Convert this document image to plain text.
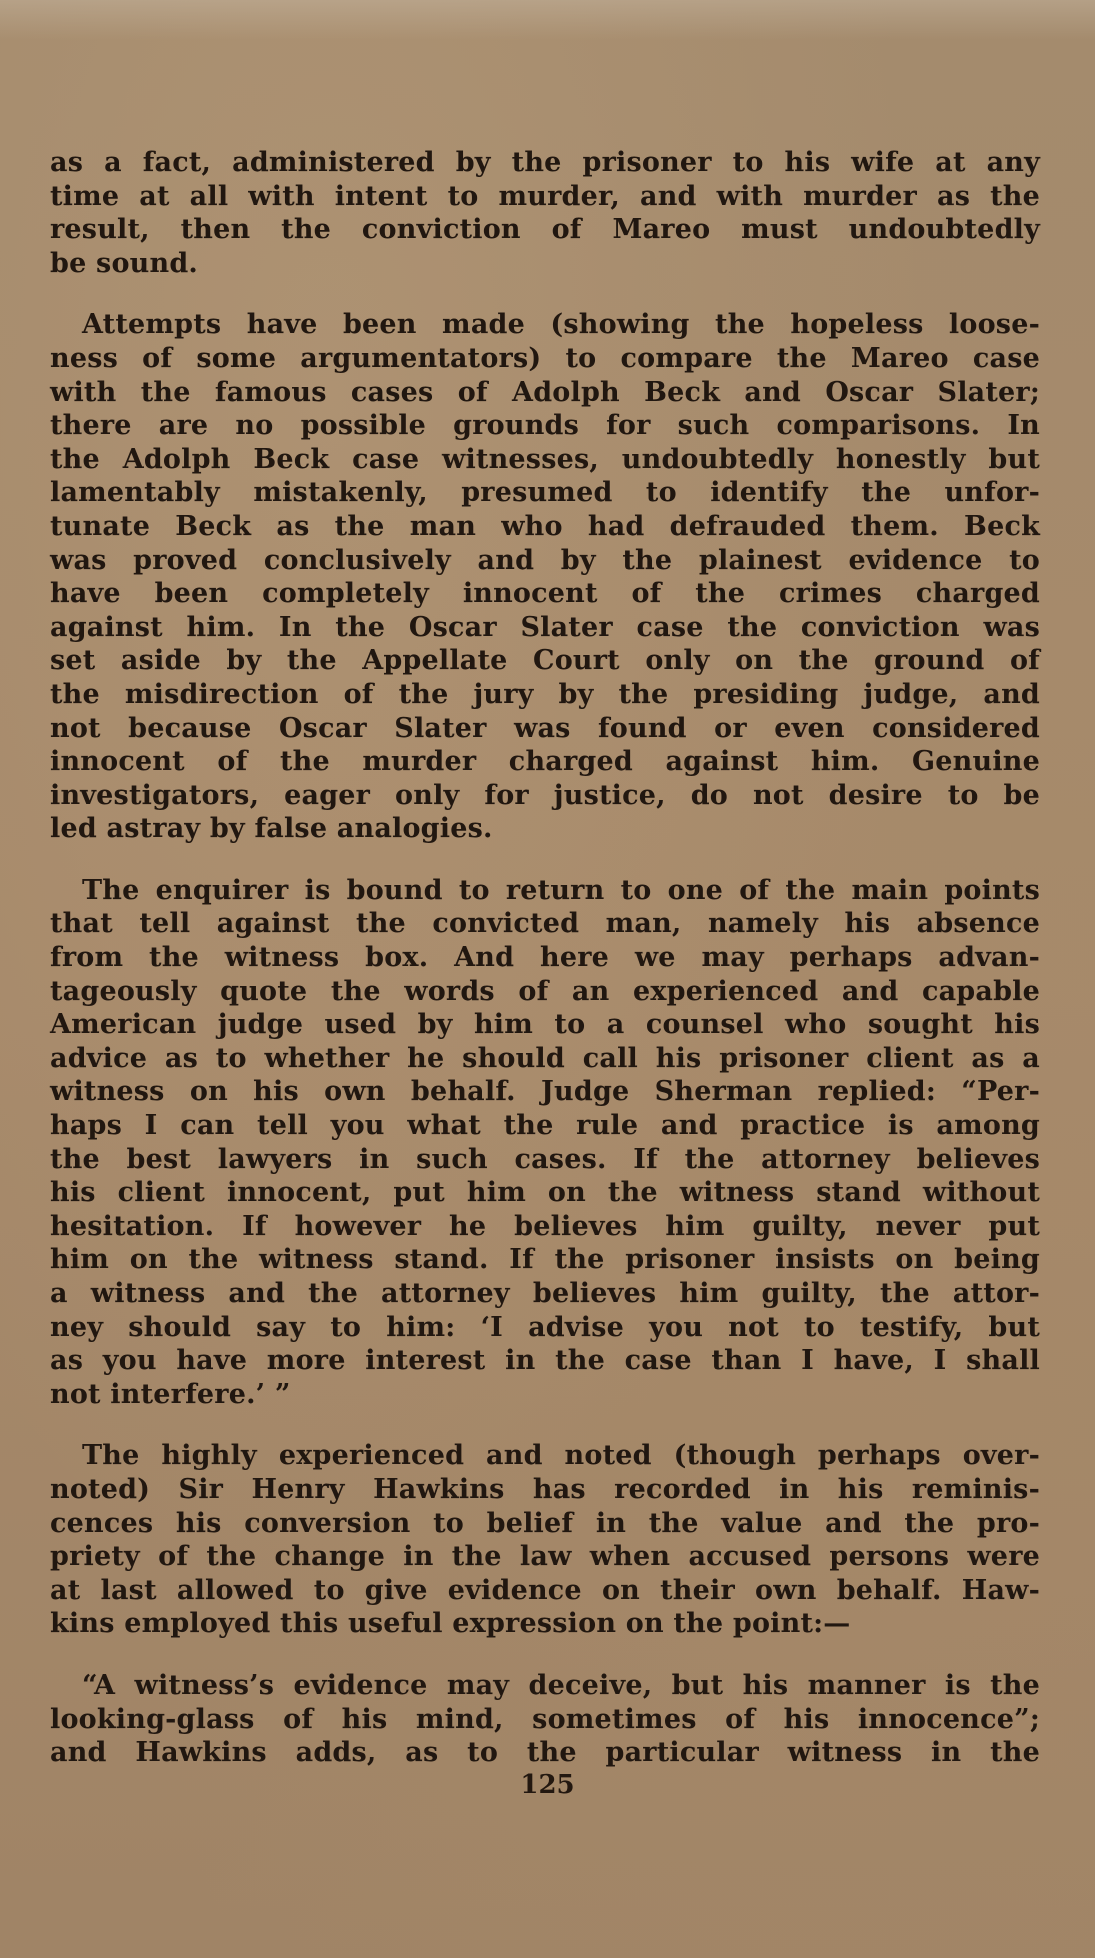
as a fact, administered by the prisoner to his wife at any
time at all with intent to murder, and with murder as the
result, then the conviction of Mareo must undoubtedly
be sound.

Attempts have been made (showing the hopeless loose-
ness of some argumentators) to compare the Mareo case
with the famous cases of Adolph Beck and Oscar Slater;
there are no possible grounds for such comparisons. In
the Adolph Beck case witnesses, undoubtedly honestly but
lamentably mistakenly, presumed to identify the unfor-
tunate Beck as the man who had defrauded them. Beck
was proved conclusively and by the plainest evidence to
have been completely innocent of the crimes charged
against him. In the Oscar Slater case the conviction was
set aside by the Appellate Court only on the ground of
the misdirection of the jury by the presiding judge, and
not because Oscar Slater was found or even considered
innocent of the murder charged against him. Genuine
investigators, eager only for justice, do not desire to be
led astray by false analogies.

The enquirer is bound to return to one of the main points
that tell against the convicted man, namely his absence
from the witness box. And here we may perhaps advan-
tageously quote the words of an experienced and capable
American judge used by him to a counsel who sought his
advice as to whether he should call his prisoner client as a
witness on his own behalf. Judge Sherman replied: “Per-
haps I can tell you what the rule and practice is among
the best lawyers in such cases. If the attorney believes
his client innocent, put him on the witness stand without
hesitation. If however he believes him guilty, never put
him on the witness stand. If the prisoner insists on being
a witness and the attorney believes him guilty, the attor-
ney should say to him: ‘I advise you not to testify, but
as you have more interest in the case than I have, I shall
not interfere.’ ”

The highly experienced and noted (though perhaps over-
noted) Sir Henry Hawkins has recorded in his reminis-
cences his conversion to belief in the value and the pro-
priety of the change in the law when accused persons were
at last allowed to give evidence on their own behalf. Haw-
kins employed this useful expression on the point:—

“A witness’s evidence may deceive, but his manner is the
looking-glass of his mind, sometimes of his innocence”;
and Hawkins adds, as to the particular witness in the

125
